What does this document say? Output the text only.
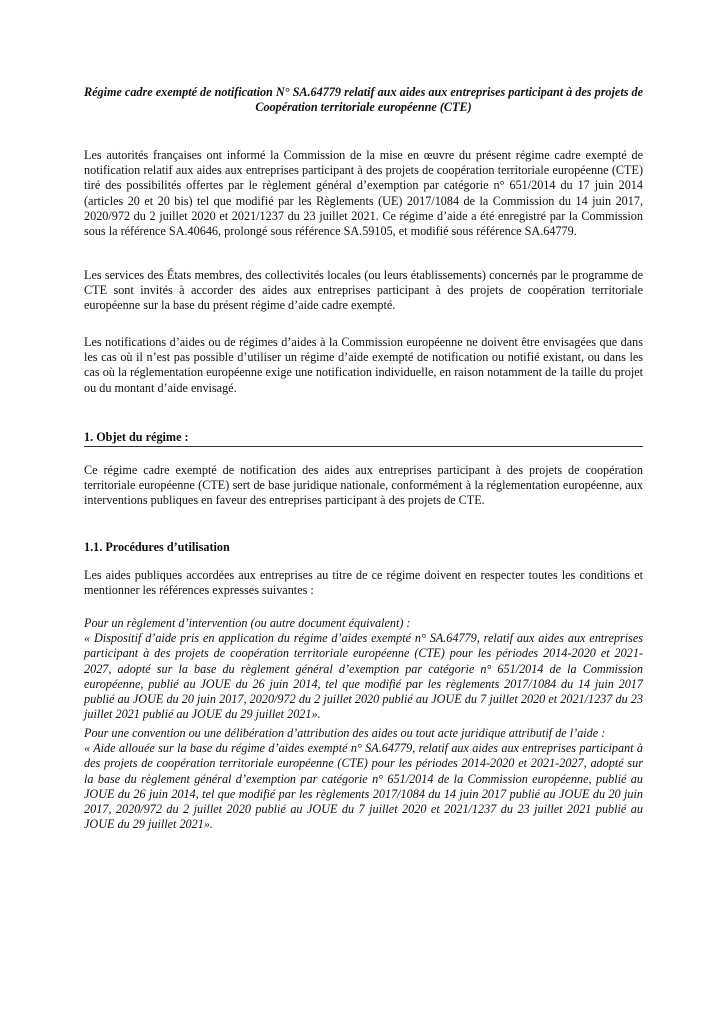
Régime cadre exempté de notification N° SA.64779 relatif aux aides aux entreprises participant à des projets de Coopération territoriale européenne (CTE)
Les autorités françaises ont informé la Commission de la mise en œuvre du présent régime cadre exempté de notification relatif aux aides aux entreprises participant à des projets de coopération territoriale européenne (CTE) tiré des possibilités offertes par le règlement général d’exemption par catégorie n° 651/2014 du 17 juin 2014 (articles 20 et 20 bis) tel que modifié par les Règlements (UE) 2017/1084 de la Commission du 14 juin 2017, 2020/972 du 2 juillet 2020 et 2021/1237 du 23 juillet 2021. Ce régime d’aide a été enregistré par la Commission sous la référence SA.40646, prolongé sous référence SA.59105, et modifié sous référence SA.64779.
Les services des États membres, des collectivités locales (ou leurs établissements) concernés par le programme de CTE sont invités à accorder des aides aux entreprises participant à des projets de coopération territoriale européenne sur la base du présent régime d’aide cadre exempté.
Les notifications d’aides ou de régimes d’aides à la Commission européenne ne doivent être envisagées que dans les cas où il n’est pas possible d’utiliser un régime d’aide exempté de notification ou notifié existant, ou dans les cas où la réglementation européenne exige une notification individuelle, en raison notamment de la taille du projet ou du montant d’aide envisagé.
1. Objet du régime :
Ce régime cadre exempté de notification des aides aux entreprises participant à des projets de coopération territoriale européenne (CTE) sert de base juridique nationale, conformément à la réglementation européenne, aux interventions publiques en faveur des entreprises participant à des projets de CTE.
1.1. Procédures d’utilisation
Les aides publiques accordées aux entreprises au titre de ce régime doivent en respecter toutes les conditions et mentionner les références expresses suivantes :

Pour un règlement d’intervention (ou autre document équivalent) :

« Dispositif d’aide pris en application du régime d’aides exempté n° SA.64779, relatif aux aides aux entreprises participant à des projets de coopération territoriale européenne (CTE) pour les périodes 2014-2020 et 2021-2027, adopté sur la base du règlement général d’exemption par catégorie n° 651/2014 de la Commission européenne, publié au JOUE du 26 juin 2014, tel que modifié par les règlements 2017/1084 du 14 juin 2017 publié au JOUE du 20 juin 2017, 2020/972 du 2 juillet 2020 publié au JOUE du 7 juillet 2020 et 2021/1237 du 23 juillet 2021 publié au JOUE du 29 juillet 2021».

Pour une convention ou une délibération d’attribution des aides ou tout acte juridique attributif de l’aide :

« Aide allouée sur la base du régime d’aides exempté n° SA.64779, relatif aux aides aux entreprises participant à des projets de coopération territoriale européenne (CTE) pour les périodes 2014-2020 et 2021-2027, adopté sur la base du règlement général d’exemption par catégorie n° 651/2014 de la Commission européenne, publié au JOUE du 26 juin 2014, tel que modifié par les règlements 2017/1084 du 14 juin 2017 publié au JOUE du 20 juin 2017, 2020/972 du 2 juillet 2020 publié au JOUE du 7 juillet 2020 et 2021/1237 du 23 juillet 2021 publié au JOUE du 29 juillet 2021».
